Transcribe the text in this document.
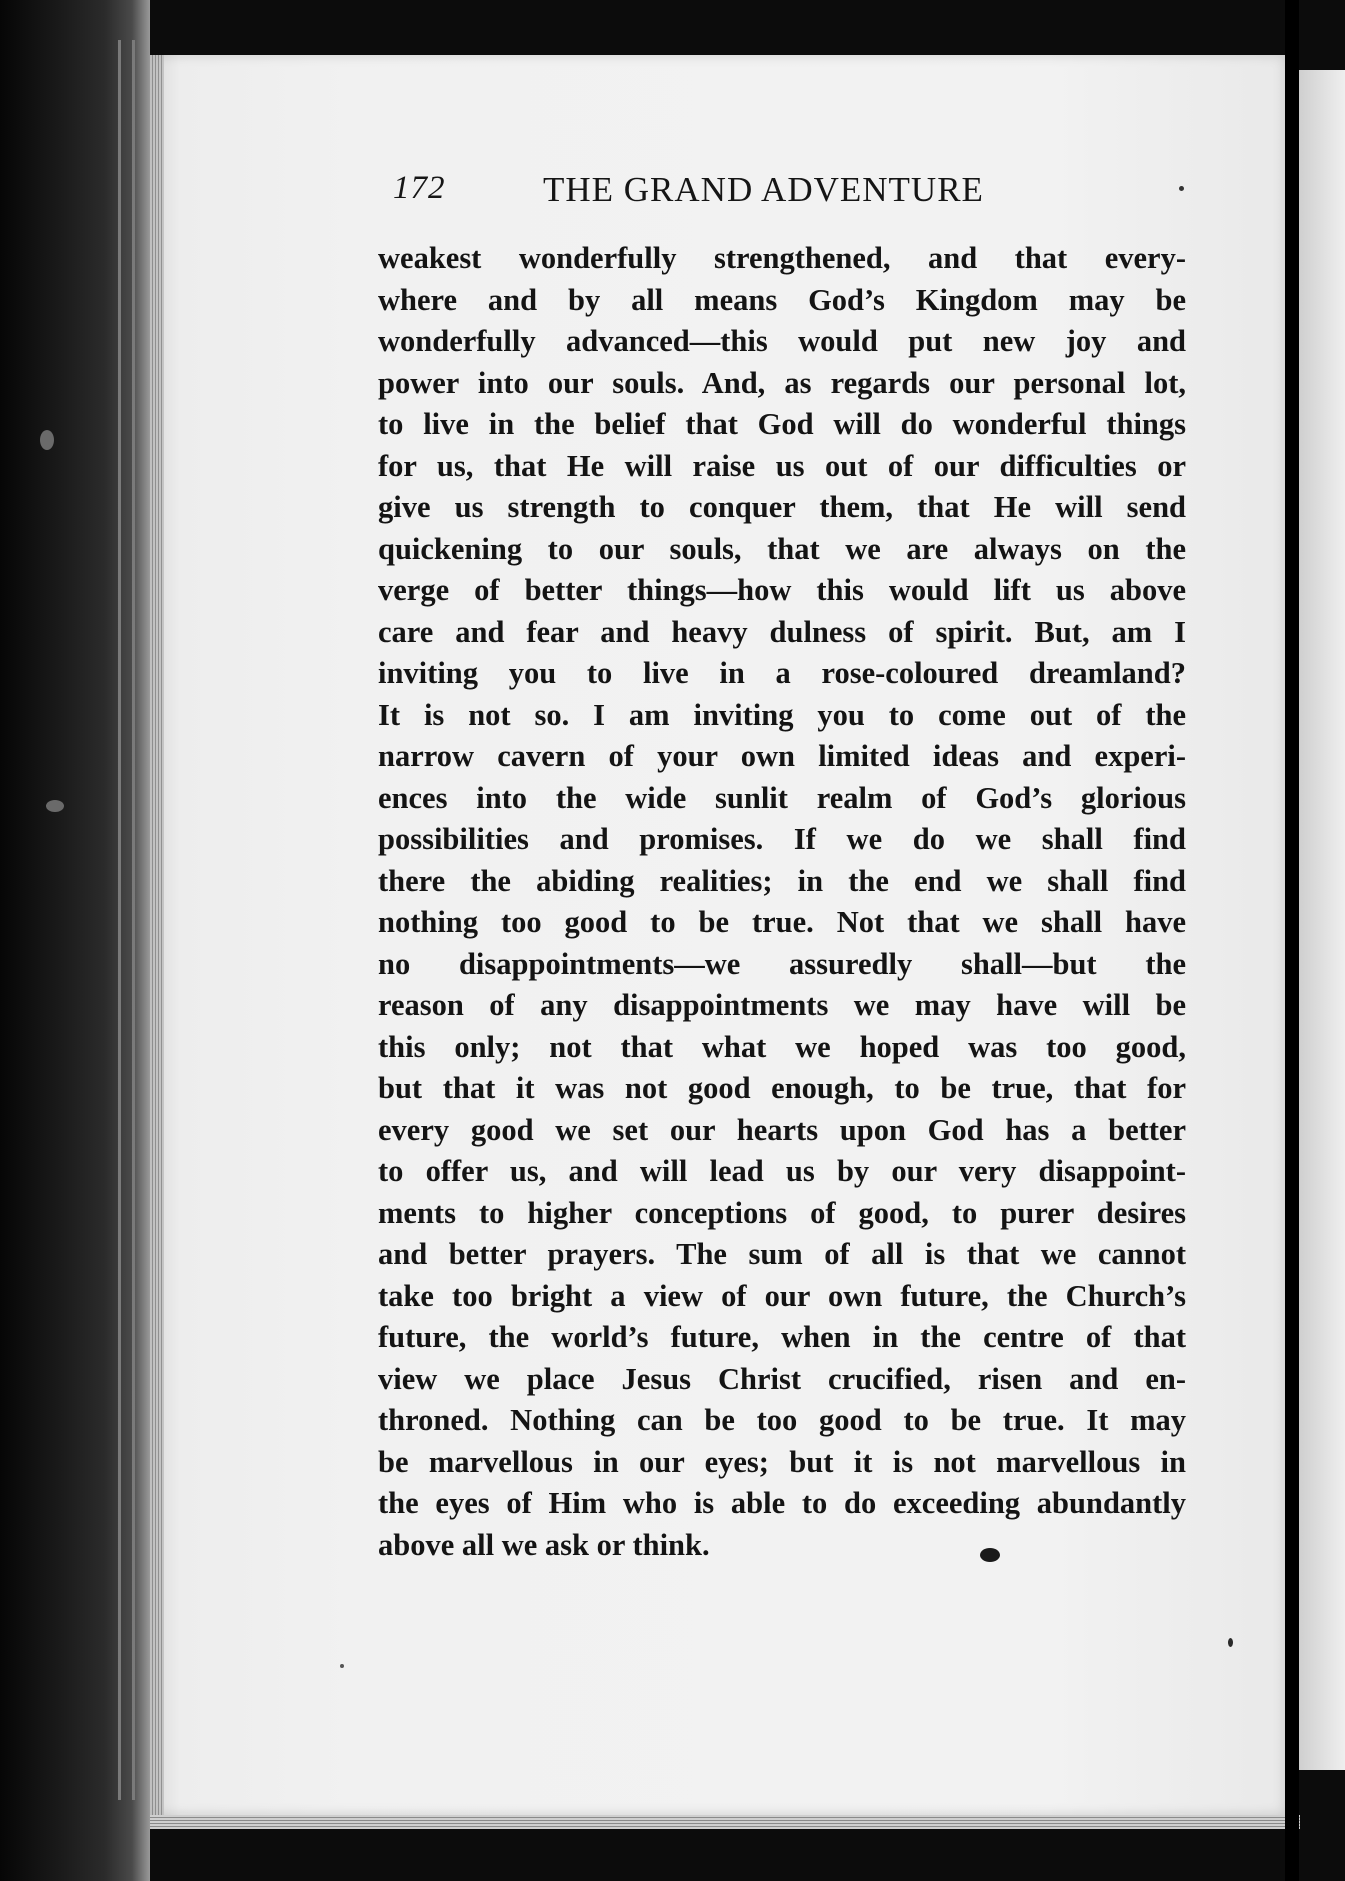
172	THE GRAND ADVENTURE
weakest wonderfully strengthened, and that every-
where and by all means God’s Kingdom may be
wonderfully advanced—this would put new joy and
power into our souls. And, as regards our personal lot,
to live in the belief that God will do wonderful things
for us, that He will raise us out of our difficulties or
give us strength to conquer them, that He will send
quickening to our souls, that we are always on the
verge of better things—how this would lift us above
care and fear and heavy dulness of spirit. But, am I
inviting you to live in a rose-coloured dreamland?
It is not so. I am inviting you to come out of the
narrow cavern of your own limited ideas and experi-
ences into the wide sunlit realm of God’s glorious
possibilities and promises. If we do we shall find
there the abiding realities; in the end we shall find
nothing too good to be true. Not that we shall have
no disappointments—we assuredly shall—but the
reason of any disappointments we may have will be
this only; not that what we hoped was too good,
but that it was not good enough, to be true, that for
every good we set our hearts upon God has a better
to offer us, and will lead us by our very disappoint-
ments to higher conceptions of good, to purer desires
and better prayers. The sum of all is that we cannot
take too bright a view of our own future, the Church’s
future, the world’s future, when in the centre of that
view we place Jesus Christ crucified, risen and en-
throned. Nothing can be too good to be true. It may
be marvellous in our eyes; but it is not marvellous in
the eyes of Him who is able to do exceeding abundantly
above all we ask or think.
